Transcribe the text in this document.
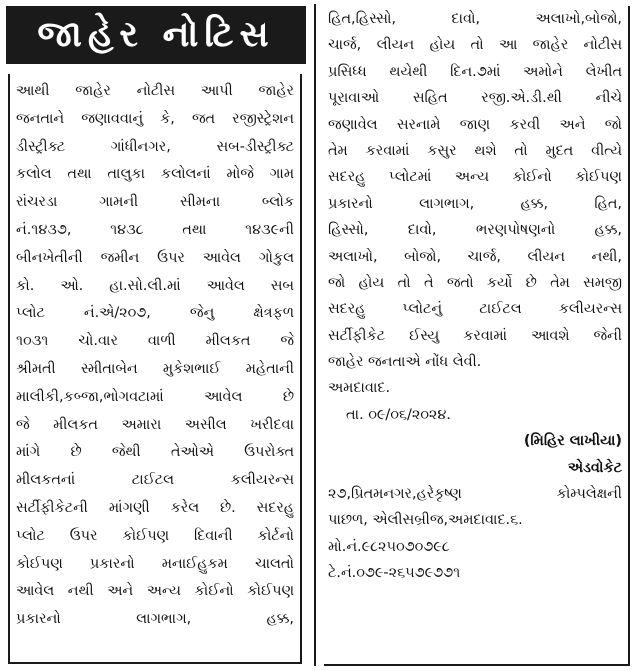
જાહેર નોટિસ
આથી જાહેર નોટીસ આપી જાહેર
જનતાને જણાવવાનું કે, જત રજીસ્ટ્રેશન
ડીસ્ટ્રીક્ટ ગાંધીનગર, સબ-ડીસ્ટ્રીક્ટ
કલોલ તથા તાલુકા કલોલનાં મોજે ગામ
રાંચરડા ગામની સીમના બ્લોક
નં.૧૪૩૭, ૧૪૩૮ તથા ૧૪૩૯ની
બીનખેતીની જમીન ઉપર આવેલ ગોકુલ
કો. ઓ. હા.સો.લી.માં આવેલ સબ
પ્લોટ નં.એ/૨૦૭, જેનુ ક્ષેત્રફળ
૧૦૩૧ ચો.વાર વાળી મીલકત જે
શ્રીમતી સ્મીતાબેન મુકેશભાઈ મહેતાની
માલીકી,કબ્જા,ભોગવટામાં આવેલ છે
જે મીલકત અમારા અસીલ ખરીદવા
માંગે છે જેથી તેઓએ ઉપરોક્ત
મીલકતનાં ટાઈટલ કલીયરન્સ
સર્ટીફીકેટની માંગણી કરેલ છે. સદરહુ
પ્લોટ ઉપર કોઈપણ દિવાની કોર્ટનો
કોઈપણ પ્રકારનો મનાઈહુકમ ચાલતો
આવેલ નથી અને અન્ય કોઈનો કોઈપણ
પ્રકારનો લાગભાગ, હક્ક,
હિત,હિસ્સો, દાવો, અલાખો,બોજો,
ચાર્જ, લીયન હોય તો આ જાહેર નોટીસ
પ્રસિધ્ધ થયેથી દિન.૭માં અમોને લેખીત
પૂરાવાઓ સહિત રજી.એ.ડી.થી નીચે
જણાવેલ સરનામે જાણ કરવી અને જો
તેમ કરવામાં કસુર થશે તો મુદત વીત્યે
સદરહુ પ્લોટમાં અન્ય કોઈનો કોઈપણ
પ્રકારનો લાગભાગ, હક્ક, હિત,
હિસ્સો, દાવો, ભરણપોષણનો હક્ક,
અલાખો, બોજો, ચાર્જ, લીયન નથી,
જો હોય તો તે જતો કર્યો છે તેમ સમજી
સદરહુ પ્લોટનું ટાઈટલ કલીયરન્સ
સર્ટીફીકેટ ઈસ્યુ કરવામાં આવશે જેની
જાહેર જનતાએ નોંધ લેવી.
અમદાવાદ.
તા. ૦૯/૦૬/૨૦૨૪.
(મિહિર લાખીયા)
એડવોકેટ
૨૭,પ્રિતમનગર,હરેકૃષ્ણ કોમ્પલેક્ષની
પાછળ, એલીસબ્રીજ,અમદાવાદ.૬.
મો.નં.૯૮૨૫૦૭૦૭૯૮
ટે.નં.૦૭૯-૨૬૫૭૯૭૭૧
